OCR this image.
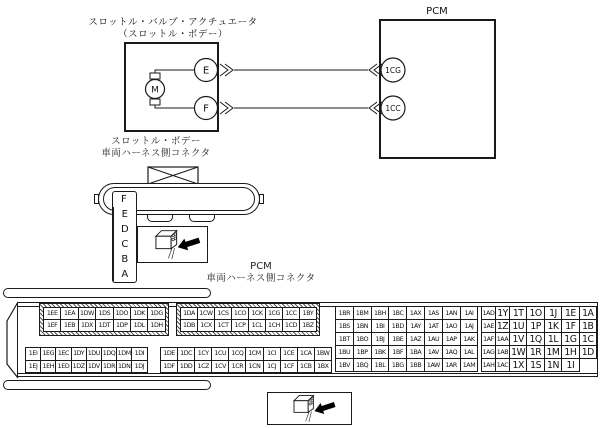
スロットル・バルブ・アクチュエータ
（スロットル・ボデー）
PCM
M
E
F
1CG
1CC
スロットル・ボデー
車両ハーネス側コネクタ
F
E
D
C
B
A
PCM
車両ハーネス側コネクタ
1EE	1EA 1DW 1DS 1DO 1DK 1DG
1EF	1EB 1DX 1DT 1DP 1DL 1DH
1DA 1CW 1CS 1CO 1CK 1CG 1CC 1BY
1DB 1CX 1CT 1CP 1CL 1CH 1CD 1BZ
1BR 1BM 1BH 1BC	1AX	1AS	1AN	1AI
1BS	1BN	1BI	1BD	1AY	1AT	1AO	1AJ
1BT	1BO	1BJ	1BE	1AZ 1AU	1AP	1AK
1BU	1BP	1BK	1BF	1BA	1AV 1AQ	1AL
1BV 1BQ	1BL	1BG 1BB 1AW 1AR 1AM
1AD 1Y 1T 1O 1J 1E 1A
1AE 1Z 1U 1P 1K 1F 1B
1AF 1AA 1V 1Q 1L 1G 1C
1AG 1AB 1W 1R 1M 1H 1D
1AH 1AC 1X 1S 1N 1I
1EI 1EG 1EC 1DY 1DU 1DQ 1DM 1DI
1EJ 1EH 1ED 1DZ 1DV 1DR 1DN 1DJ
1DE 1DC 1CY 1CU 1CQ 1CM 1CI	1CE 1CA 1BW
1DF 1DD 1CZ 1CV 1CR 1CN	1CJ	1CF 1CB 1BX
